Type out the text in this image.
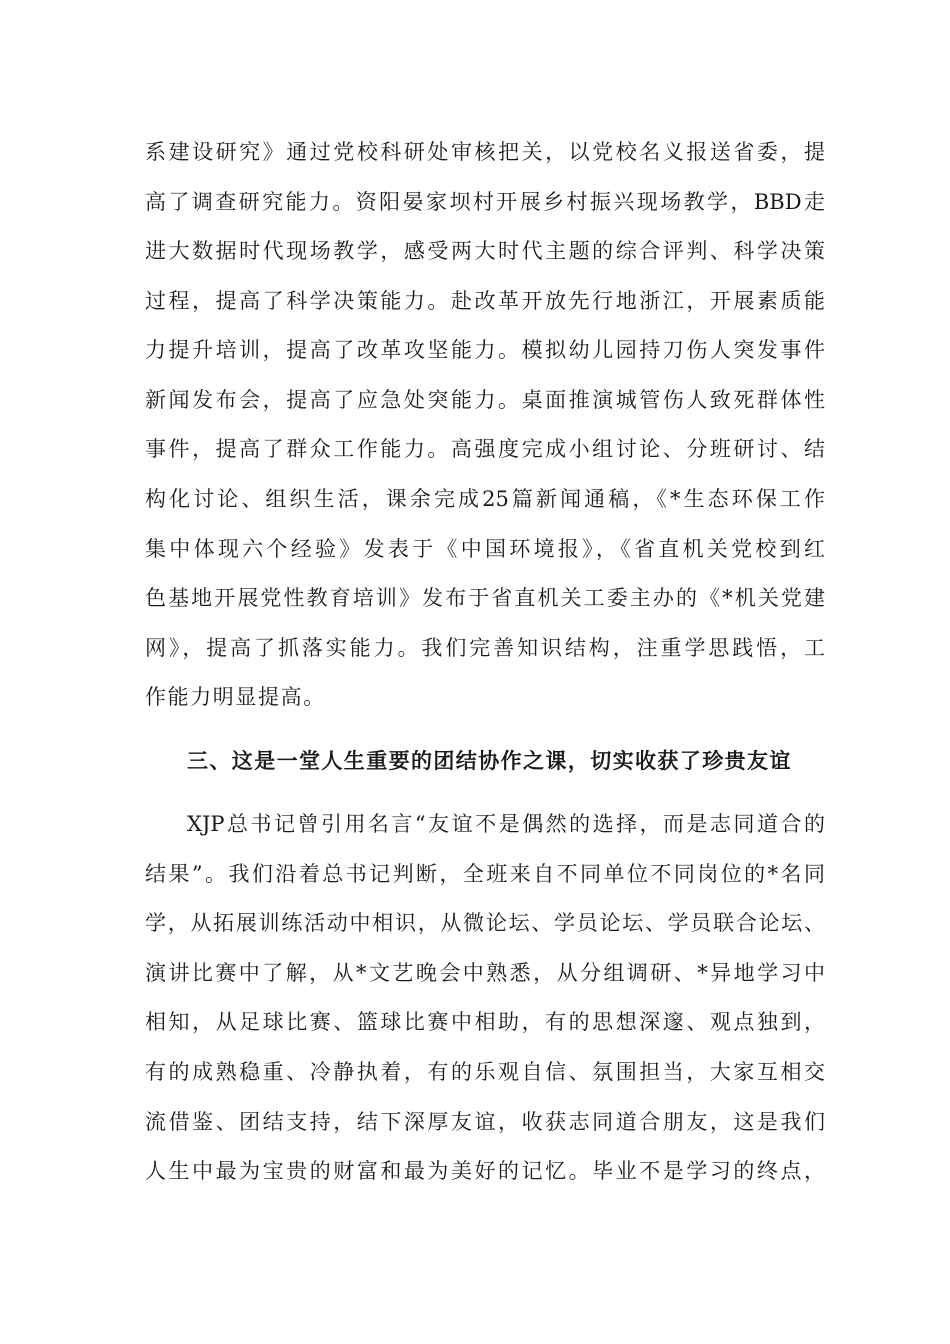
系建设研究》通过党校科研处审核把关，以党校名义报送省委，提
高了调查研究能力。资阳晏家坝村开展乡村振兴现场教学，BBD走
进大数据时代现场教学，感受两大时代主题的综合评判、科学决策
过程，提高了科学决策能力。赴改革开放先行地浙江，开展素质能
力提升培训，提高了改革攻坚能力。模拟幼儿园持刀伤人突发事件
新闻发布会，提高了应急处突能力。桌面推演城管伤人致死群体性
事件，提高了群众工作能力。高强度完成小组讨论、分班研讨、结
构化讨论、组织生活，课余完成25篇新闻通稿，《*生态环保工作
集中体现六个经验》发表于《中国环境报》，《省直机关党校到红
色基地开展党性教育培训》发布于省直机关工委主办的《*机关党建
网》，提高了抓落实能力。我们完善知识结构，注重学思践悟，工
作能力明显提高。
三、这是一堂人生重要的团结协作之课，切实收获了珍贵友谊
XJP总书记曾引用名言“友谊不是偶然的选择，而是志同道合的
结果”。我们沿着总书记判断，全班来自不同单位不同岗位的*名同
学，从拓展训练活动中相识，从微论坛、学员论坛、学员联合论坛、
演讲比赛中了解，从*文艺晚会中熟悉，从分组调研、*异地学习中
相知，从足球比赛、篮球比赛中相助，有的思想深邃、观点独到，
有的成熟稳重、冷静执着，有的乐观自信、氛围担当，大家互相交
流借鉴、团结支持，结下深厚友谊，收获志同道合朋友，这是我们
人生中最为宝贵的财富和最为美好的记忆。毕业不是学习的终点，
